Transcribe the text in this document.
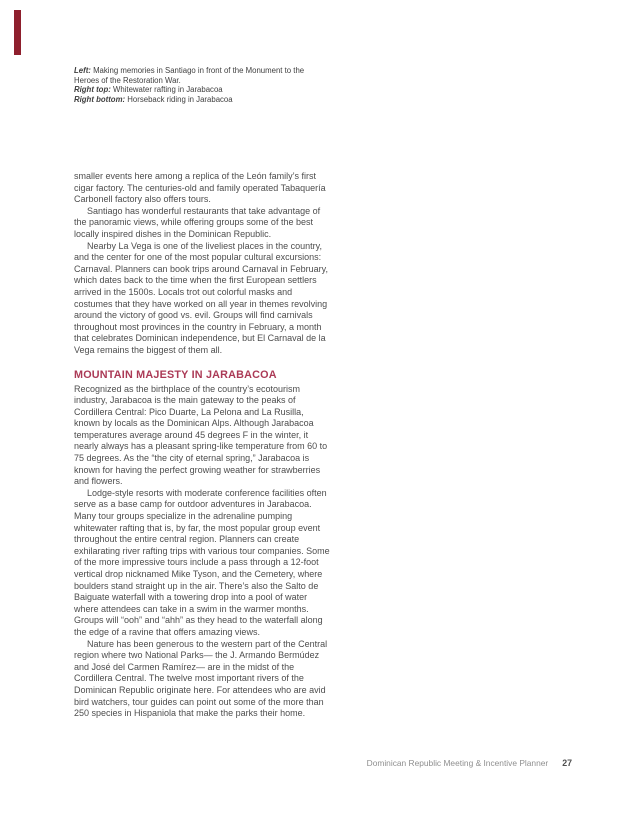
Left: Making memories in Santiago in front of the Monument to the Heroes of the Restoration War.
Right top: Whitewater rafting in Jarabacoa
Right bottom: Horseback riding in Jarabacoa

smaller events here among a replica of the León family’s first cigar factory. The centuries-old and family operated Tabaquería Carbonell factory also offers tours.

Santiago has wonderful restaurants that take advantage of the panoramic views, while offering groups some of the best locally inspired dishes in the Dominican Republic.

Nearby La Vega is one of the liveliest places in the country, and the center for one of the most popular cultural excursions: Carnaval. Planners can book trips around Carnaval in February, which dates back to the time when the first European settlers arrived in the 1500s. Locals trot out colorful masks and costumes that they have worked on all year in themes revolving around the victory of good vs. evil. Groups will find carnivals throughout most provinces in the country in February, a month that celebrates Dominican independence, but El Carnaval de la Vega remains the biggest of them all.

MOUNTAIN MAJESTY IN JARABACOA

Recognized as the birthplace of the country’s ecotourism industry, Jarabacoa is the main gateway to the peaks of Cordillera Central: Pico Duarte, La Pelona and La Rusilla, known by locals as the Dominican Alps. Although Jarabacoa temperatures average around 45 degrees F in the winter, it nearly always has a pleasant spring-like temperature from 60 to 75 degrees. As the “the city of eternal spring,” Jarabacoa is known for having the perfect growing weather for strawberries and flowers.

Lodge-style resorts with moderate conference facilities often serve as a base camp for outdoor adventures in Jarabacoa. Many tour groups specialize in the adrenaline pumping whitewater rafting that is, by far, the most popular group event throughout the entire central region. Planners can create exhilarating river rafting trips with various tour companies. Some of the more impressive tours include a pass through a 12-foot vertical drop nicknamed Mike Tyson, and the Cemetery, where boulders stand straight up in the air. There’s also the Salto de Baiguate waterfall with a towering drop into a pool of water where attendees can take in a swim in the warmer months. Groups will “ooh” and “ahh” as they head to the waterfall along the edge of a ravine that offers amazing views.

Nature has been generous to the western part of the Central region where two National Parks— the J. Armando Bermúdez and José del Carmen Ramírez— are in the midst of the Cordillera Central. The twelve most important rivers of the Dominican Republic originate here. For attendees who are avid bird watchers, tour guides can point out some of the more than 250 species in Hispaniola that make the parks their home.

Dominican Republic Meeting & Incentive Planner 27
